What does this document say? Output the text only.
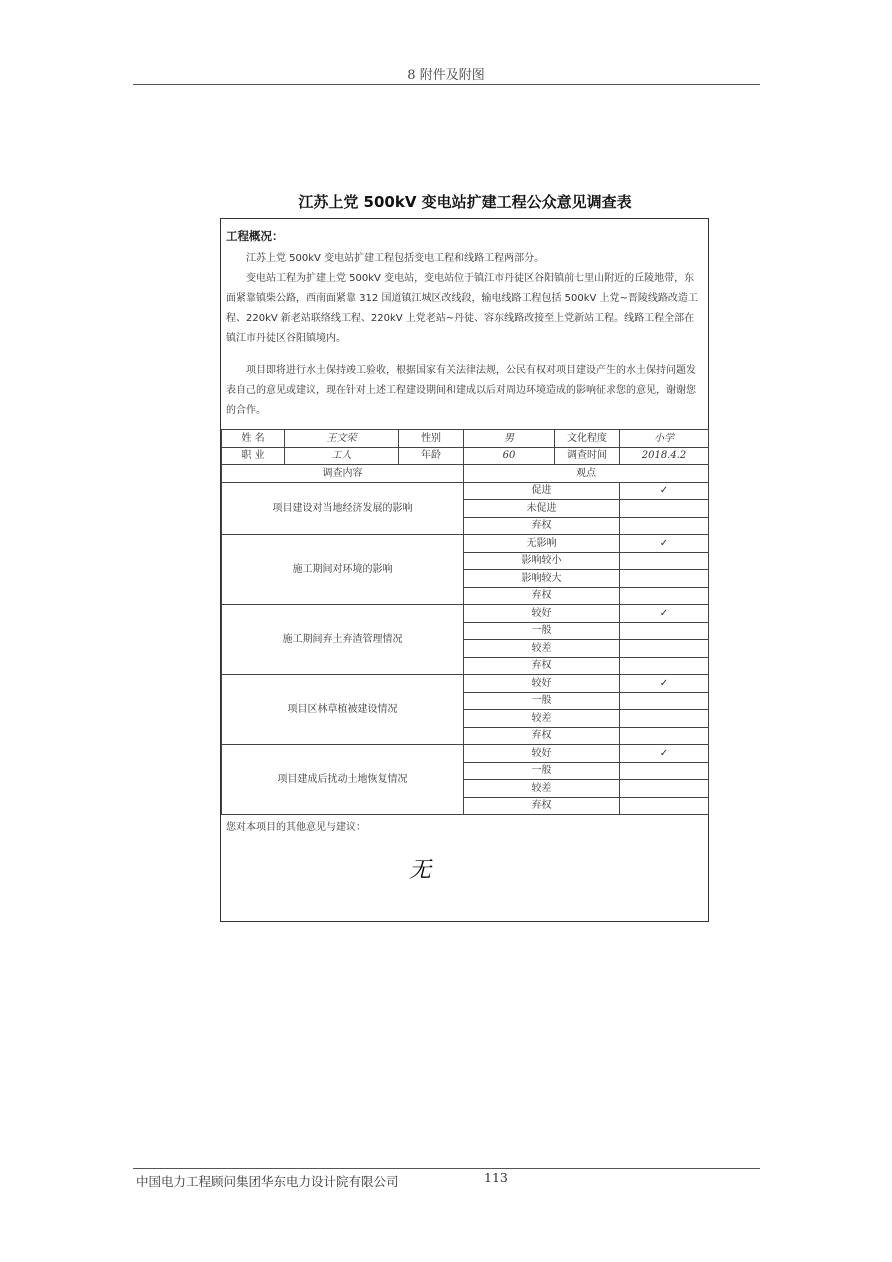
8 附件及附图
江苏上党 500kV 变电站扩建工程公众意见调查表
工程概况：
江苏上党 500kV 变电站扩建工程包括变电工程和线路工程两部分。
变电站工程为扩建上党 500kV 变电站，变电站位于镇江市丹徒区谷阳镇前七里山附近的丘陵地带，东面紧靠镇柴公路，西南面紧靠 312 国道镇江城区改线段，输电线路工程包括 500kV 上党~晋陵线路改造工程、220kV 新老站联络线工程、220kV 上党老站~丹徒、容东线路改接至上党新站工程。线路工程全部在镇江市丹徒区谷阳镇境内。
项目即将进行水土保持竣工验收，根据国家有关法律法规，公民有权对项目建设产生的水土保持问题发表自己的意见或建议，现在针对上述工程建设期间和建成以后对周边环境造成的影响征求您的意见，谢谢您的合作。
姓 名	王文荣	性别	男	文化程度	小学
职 业	工人	年龄	60	调查时间	2018.4.2
调查内容			观点		
项目建设对当地经济发展的影响			促进		✓
			未促进		
			弃权		
施工期间对环境的影响			无影响		✓
			影响较小		
			影响较大		
			弃权		
施工期间弃土弃渣管理情况			较好		✓
			一般		
			较差		
			弃权		
项目区林草植被建设情况			较好		✓
			一般		
			较差		
			弃权		
项目建成后扰动土地恢复情况			较好		✓
			一般		
			较差		
			弃权		
您对本项目的其他意见与建议：
无
中国电力工程顾问集团华东电力设计院有限公司	113
